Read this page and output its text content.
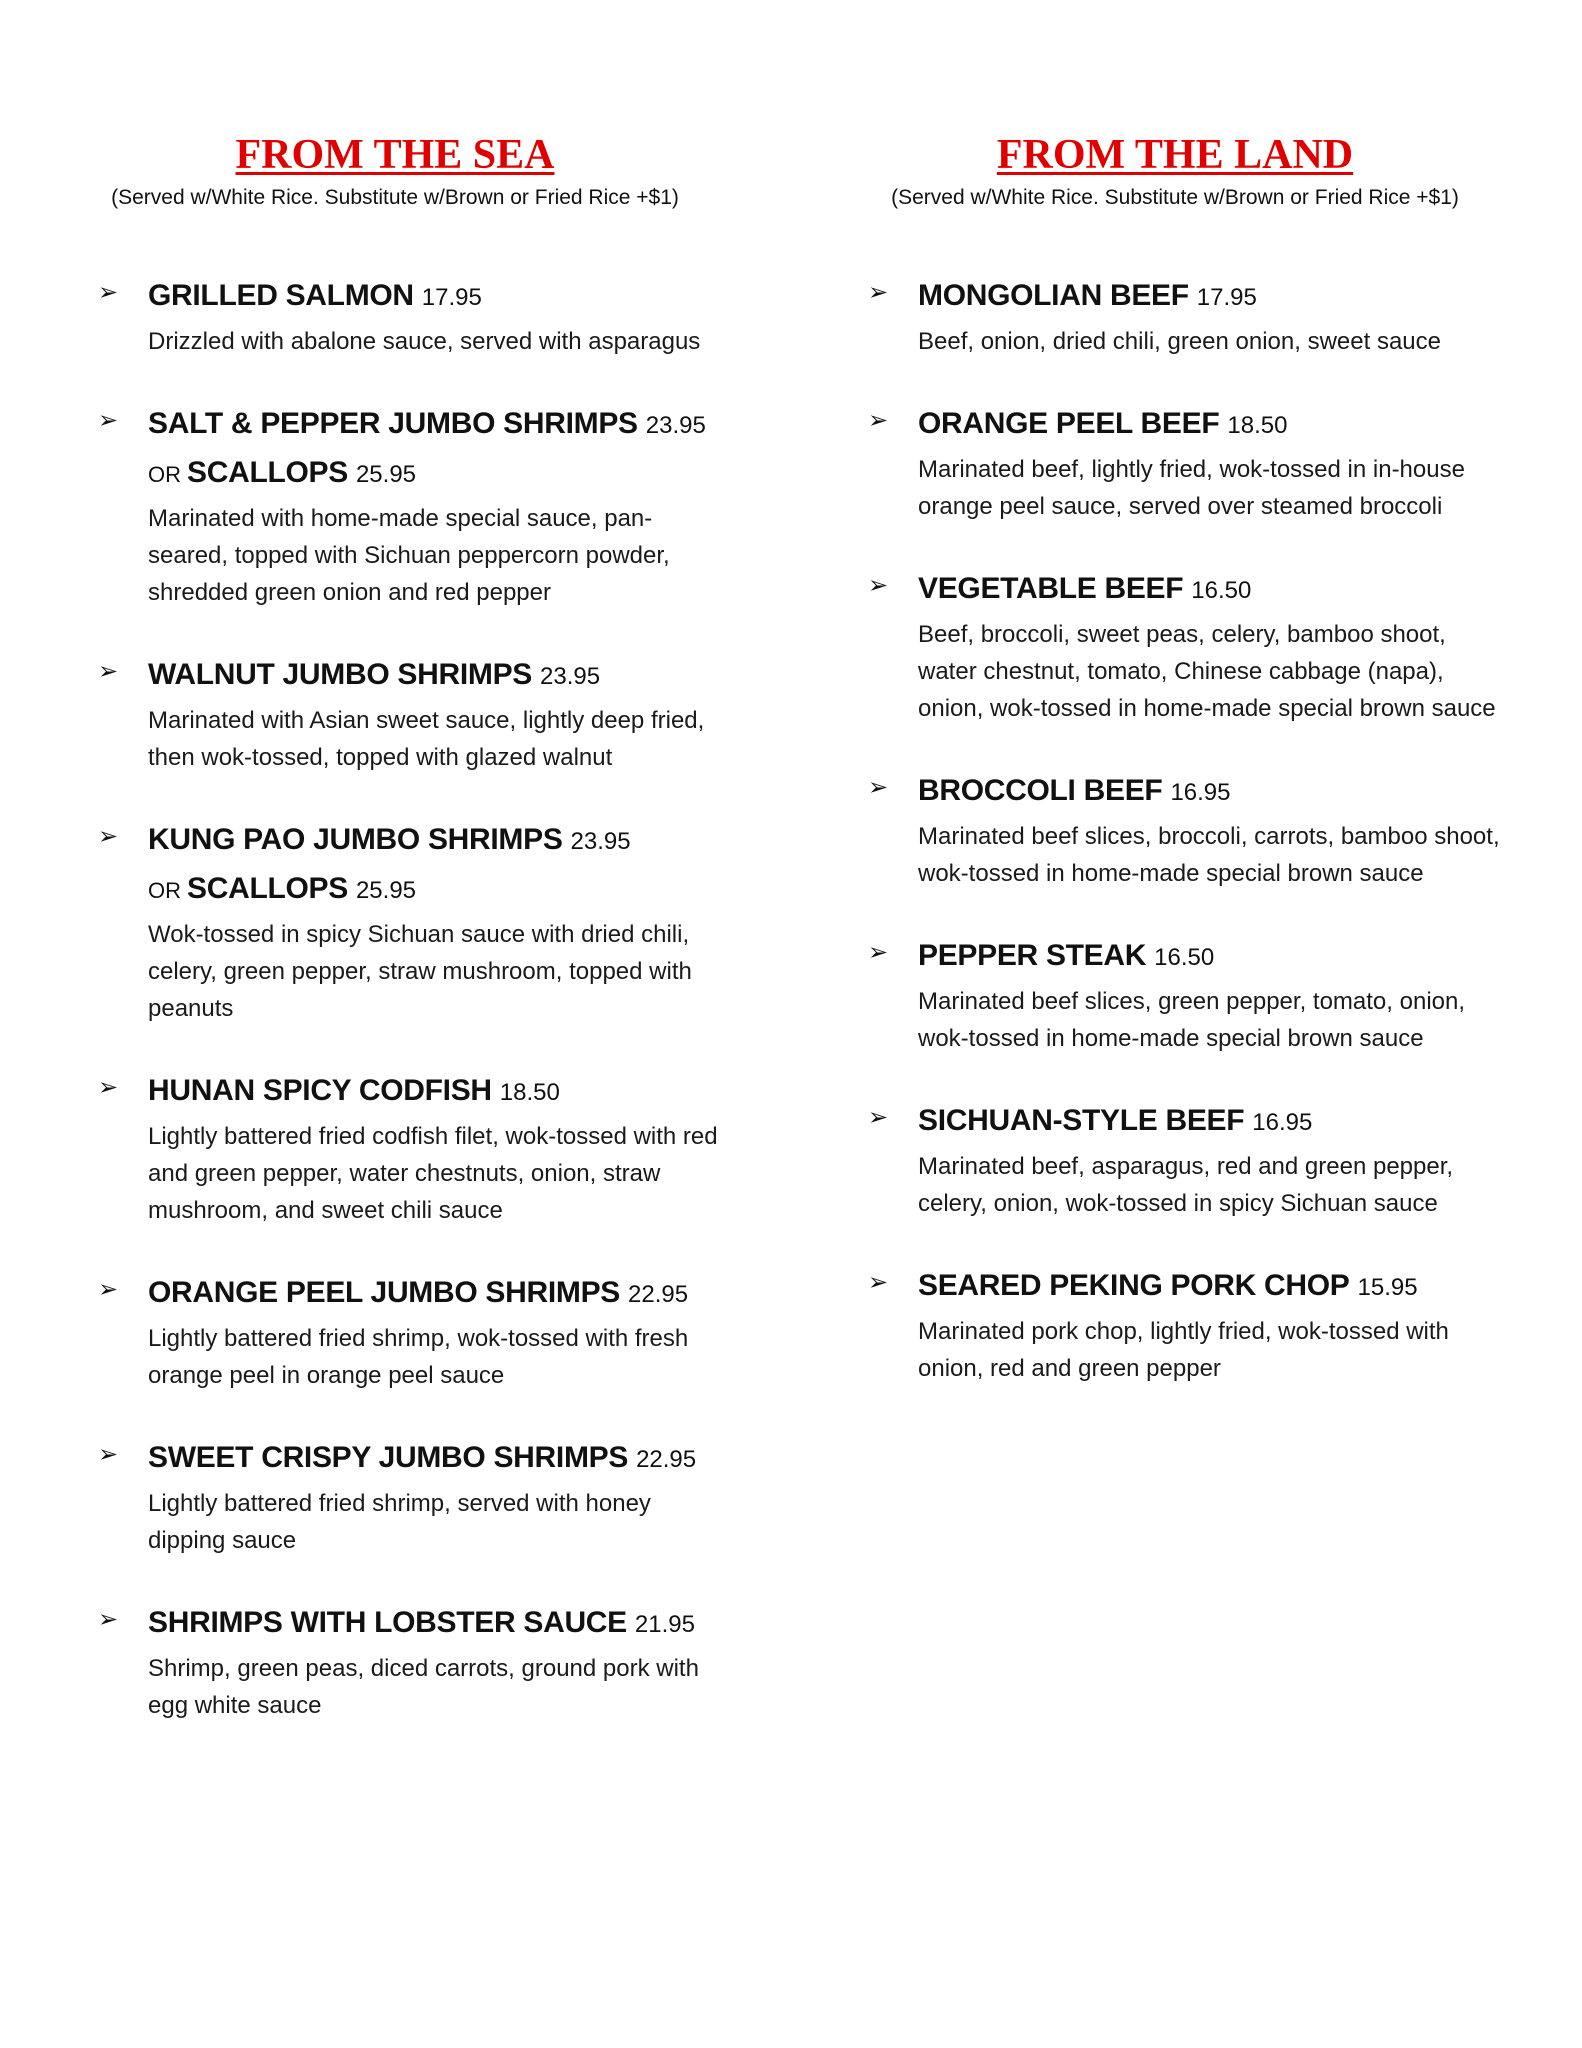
FROM THE SEA
(Served w/White Rice. Substitute w/Brown or Fried Rice +$1)
➢ GRILLED SALMON 17.95
Drizzled with abalone sauce, served with asparagus
➢ SALT & PEPPER JUMBO SHRIMPS 23.95
OR SCALLOPS 25.95
Marinated with home-made special sauce, pan-seared, topped with Sichuan peppercorn powder, shredded green onion and red pepper
➢ WALNUT JUMBO SHRIMPS 23.95
Marinated with Asian sweet sauce, lightly deep fried, then wok-tossed, topped with glazed walnut
➢ KUNG PAO JUMBO SHRIMPS 23.95
OR SCALLOPS 25.95
Wok-tossed in spicy Sichuan sauce with dried chili, celery, green pepper, straw mushroom, topped with peanuts
➢ HUNAN SPICY CODFISH 18.50
Lightly battered fried codfish filet, wok-tossed with red and green pepper, water chestnuts, onion, straw mushroom, and sweet chili sauce
➢ ORANGE PEEL JUMBO SHRIMPS 22.95
Lightly battered fried shrimp, wok-tossed with fresh orange peel in orange peel sauce
➢ SWEET CRISPY JUMBO SHRIMPS 22.95
Lightly battered fried shrimp, served with honey dipping sauce
➢ SHRIMPS WITH LOBSTER SAUCE 21.95
Shrimp, green peas, diced carrots, ground pork with egg white sauce
FROM THE LAND
(Served w/White Rice. Substitute w/Brown or Fried Rice +$1)
➢ MONGOLIAN BEEF 17.95
Beef, onion, dried chili, green onion, sweet sauce
➢ ORANGE PEEL BEEF 18.50
Marinated beef, lightly fried, wok-tossed in in-house orange peel sauce, served over steamed broccoli
➢ VEGETABLE BEEF 16.50
Beef, broccoli, sweet peas, celery, bamboo shoot, water chestnut, tomato, Chinese cabbage (napa), onion, wok-tossed in home-made special brown sauce
➢ BROCCOLI BEEF 16.95
Marinated beef slices, broccoli, carrots, bamboo shoot, wok-tossed in home-made special brown sauce
➢ PEPPER STEAK 16.50
Marinated beef slices, green pepper, tomato, onion, wok-tossed in home-made special brown sauce
➢ SICHUAN-STYLE BEEF 16.95
Marinated beef, asparagus, red and green pepper, celery, onion, wok-tossed in spicy Sichuan sauce
➢ SEARED PEKING PORK CHOP 15.95
Marinated pork chop, lightly fried, wok-tossed with onion, red and green pepper
